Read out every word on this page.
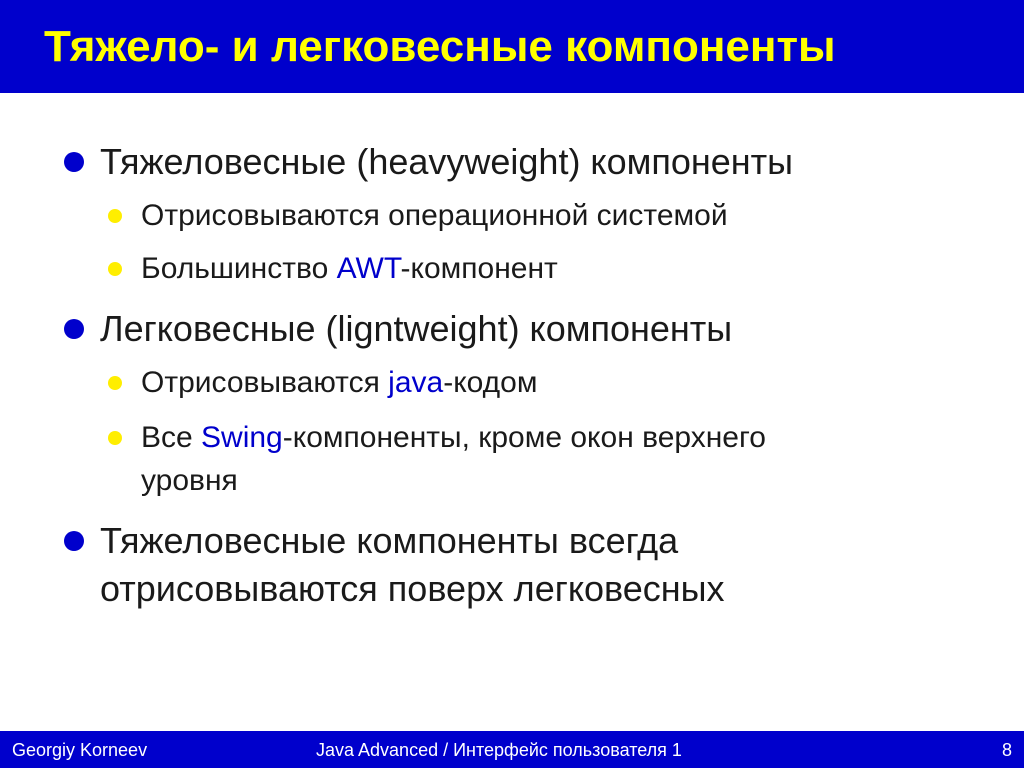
Тяжело- и легковесные компоненты
Тяжеловесные (heavyweight) компоненты
Отрисовываются операционной системой
Большинство AWT-компонент
Легковесные (ligntweight) компоненты
Отрисовываются java-кодом
Все Swing-компоненты, кроме окон верхнего
уровня
Тяжеловесные компоненты всегда
отрисовываются поверх легковесных
Georgiy Korneev	Java Advanced / Интерфейс пользователя 1	8
